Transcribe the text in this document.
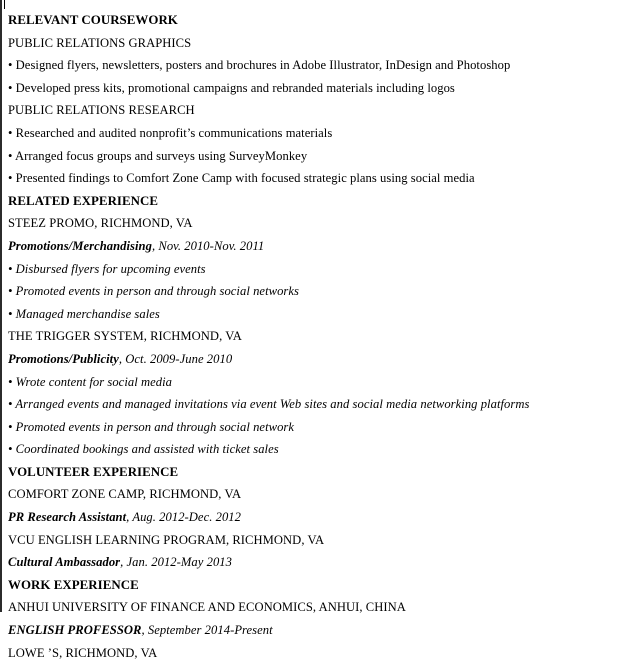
RELEVANT COURSEWORK
PUBLIC RELATIONS GRAPHICS
• Designed flyers, newsletters, posters and brochures in Adobe Illustrator, InDesign and Photoshop
• Developed press kits, promotional campaigns and rebranded materials including logos
PUBLIC RELATIONS RESEARCH
• Researched and audited nonprofit’s communications materials
• Arranged focus groups and surveys using SurveyMonkey
• Presented findings to Comfort Zone Camp with focused strategic plans using social media
RELATED EXPERIENCE
STEEZ PROMO, RICHMOND, VA
Promotions/Merchandising, Nov. 2010-Nov. 2011
• Disbursed flyers for upcoming events
• Promoted events in person and through social networks
• Managed merchandise sales
THE TRIGGER SYSTEM, RICHMOND, VA
Promotions/Publicity, Oct. 2009-June 2010
• Wrote content for social media
• Arranged events and managed invitations via event Web sites and social media networking platforms
• Promoted events in person and through social network
• Coordinated bookings and assisted with ticket sales
VOLUNTEER EXPERIENCE
COMFORT ZONE CAMP, RICHMOND, VA
PR Research Assistant, Aug. 2012-Dec. 2012
VCU ENGLISH LEARNING PROGRAM, RICHMOND, VA
Cultural Ambassador, Jan. 2012-May 2013
WORK EXPERIENCE
ANHUI UNIVERSITY OF FINANCE AND ECONOMICS, ANHUI, CHINA
ENGLISH PROFESSOR, September 2014-Present
LOWE ’S, RICHMOND, VA
